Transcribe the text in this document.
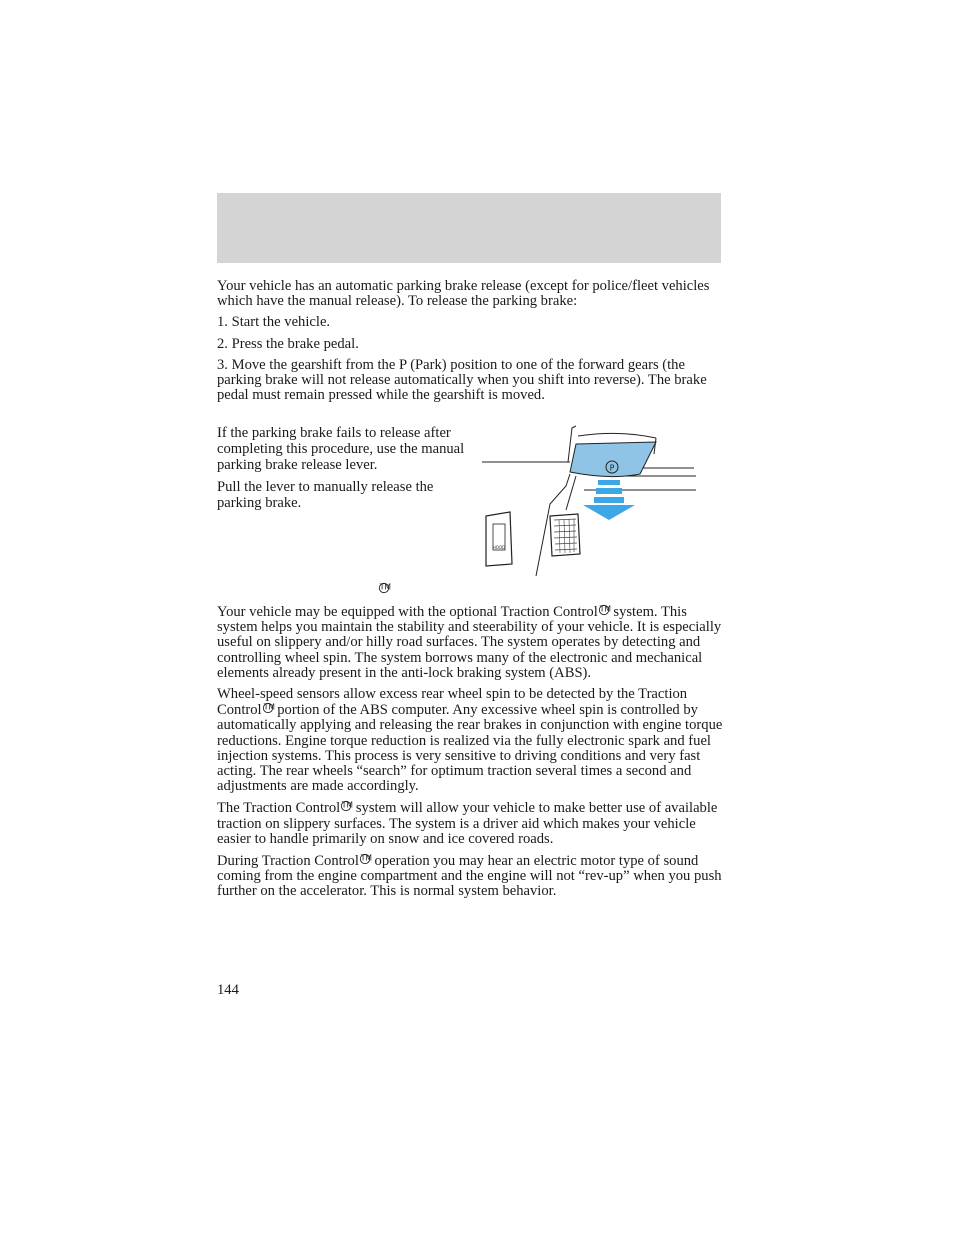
Your vehicle has an automatic parking brake release (except for police/fleet vehicles which have the manual release). To release the parking brake:

1. Start the vehicle.

2. Press the brake pedal.

3. Move the gearshift from the P (Park) position to one of the forward gears (the parking brake will not release automatically when you shift into reverse). The brake pedal must remain pressed while the gearshift is moved.

If the parking brake fails to release after completing this procedure, use the manual parking brake release lever.

Pull the lever to manually release the parking brake.

P
HOOD
TM

Your vehicle may be equipped with the optional Traction Control TM system. This system helps you maintain the stability and steerability of your vehicle. It is especially useful on slippery and/or hilly road surfaces. The system operates by detecting and controlling wheel spin. The system borrows many of the electronic and mechanical elements already present in the anti-lock braking system (ABS).

Wheel-speed sensors allow excess rear wheel spin to be detected by the Traction Control TM portion of the ABS computer. Any excessive wheel spin is controlled by automatically applying and releasing the rear brakes in conjunction with engine torque reductions. Engine torque reduction is realized via the fully electronic spark and fuel injection systems. This process is very sensitive to driving conditions and very fast acting. The rear wheels “search” for optimum traction several times a second and adjustments are made accordingly.

The Traction Control TM system will allow your vehicle to make better use of available traction on slippery surfaces. The system is a driver aid which makes your vehicle easier to handle primarily on snow and ice covered roads.

During Traction Control TM operation you may hear an electric motor type of sound coming from the engine compartment and the engine will not “rev-up” when you push further on the accelerator. This is normal system behavior.

144
